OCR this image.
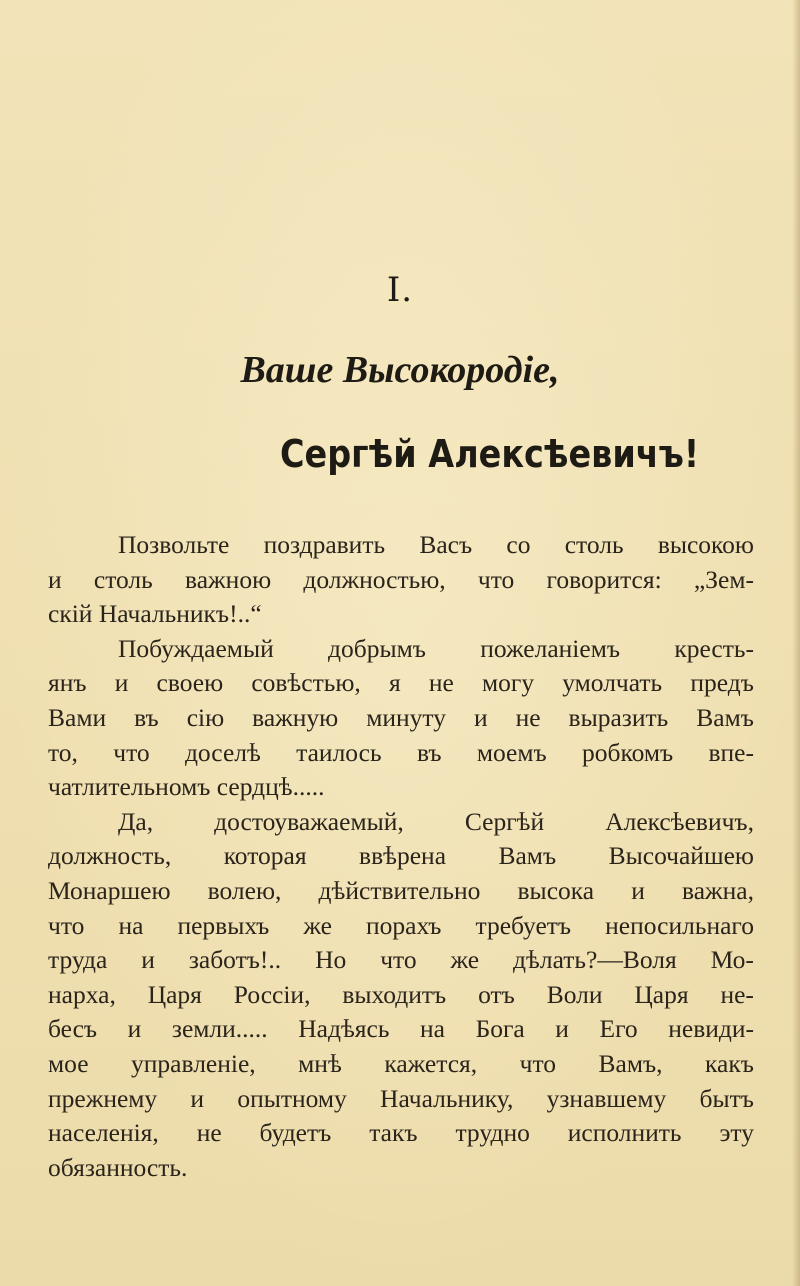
I.
Ваше Высокородіе,
Сергѣй Алексѣевичъ!
Позвольте поздравить Васъ со столь высокою
и столь важною должностью, что говорится: „Зем-
скій Начальникъ!..“
Побуждаемый добрымъ пожеланіемъ кресть-
янъ и своею совѣстью, я не могу умолчать предъ
Вами въ сію важную минуту и не выразить Вамъ
то, что доселѣ таилось въ моемъ робкомъ впе-
чатлительномъ сердцѣ.....
Да, достоуважаемый, Сергѣй Алексѣевичъ,
должность, которая ввѣрена Вамъ Высочайшею
Монаршею волею, дѣйствительно высока и важна,
что на первыхъ же порахъ требуетъ непосильнаго
труда и заботъ!.. Но что же дѣлать?—Воля Мо-
нарха, Царя Россіи, выходитъ отъ Воли Царя не-
бесъ и земли..... Надѣясь на Бога и Его невиди-
мое управленіе, мнѣ кажется, что Вамъ, какъ
прежнему и опытному Начальнику, узнавшему бытъ
населенія, не будетъ такъ трудно исполнить эту
обязанность.
